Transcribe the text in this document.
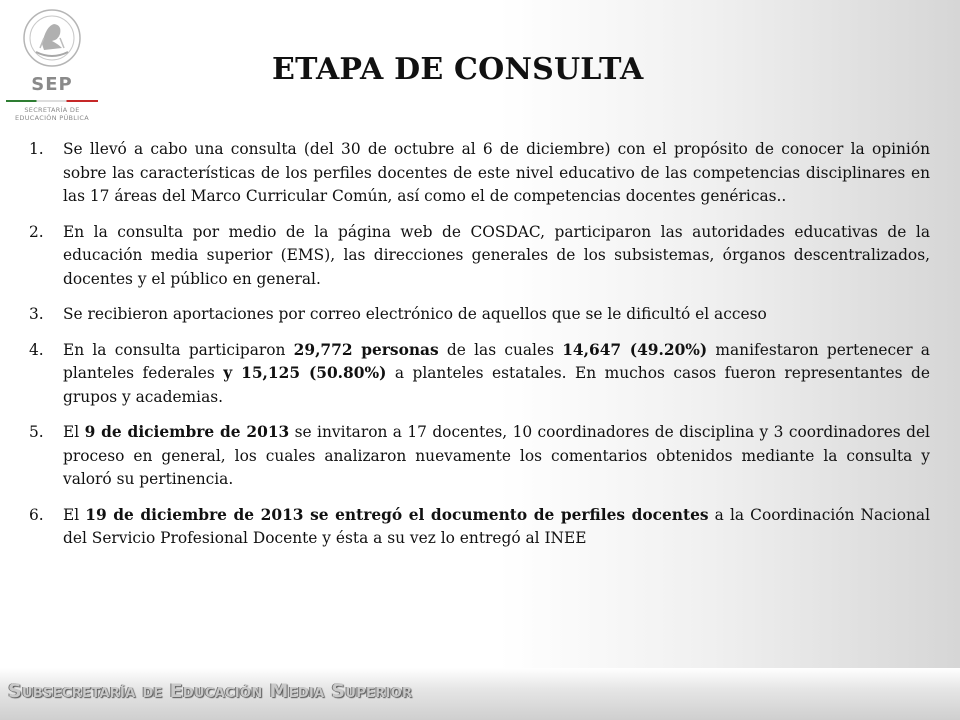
SEP
SECRETARÍA DE
EDUCACIÓN PÚBLICA
ETAPA DE CONSULTA
1. Se llevó a cabo una consulta (del 30 de octubre al 6 de diciembre) con el propósito de conocer la opinión sobre las características de los perfiles docentes de este nivel educativo de las competencias disciplinares en las 17 áreas del Marco Curricular Común, así como el de competencias docentes genéricas..
2. En la consulta por medio de la página web de COSDAC, participaron las autoridades educativas de la educación media superior (EMS), las direcciones generales de los subsistemas, órganos descentralizados, docentes y el público en general.
3. Se recibieron aportaciones por correo electrónico de aquellos que se le dificultó el acceso
4. En la consulta participaron 29,772 personas de las cuales 14,647 (49.20%) manifestaron pertenecer a planteles federales y 15,125 (50.80%) a planteles estatales. En muchos casos fueron representantes de grupos y academias.
5. El 9 de diciembre de 2013 se invitaron a 17 docentes, 10 coordinadores de disciplina y 3 coordinadores del proceso en general, los cuales analizaron nuevamente los comentarios obtenidos mediante la consulta y valoró su pertinencia.
6. El 19 de diciembre de 2013 se entregó el documento de perfiles docentes a la Coordinación Nacional del Servicio Profesional Docente y ésta a su vez lo entregó al INEE
Subsecretaría de Educación Media Superior
